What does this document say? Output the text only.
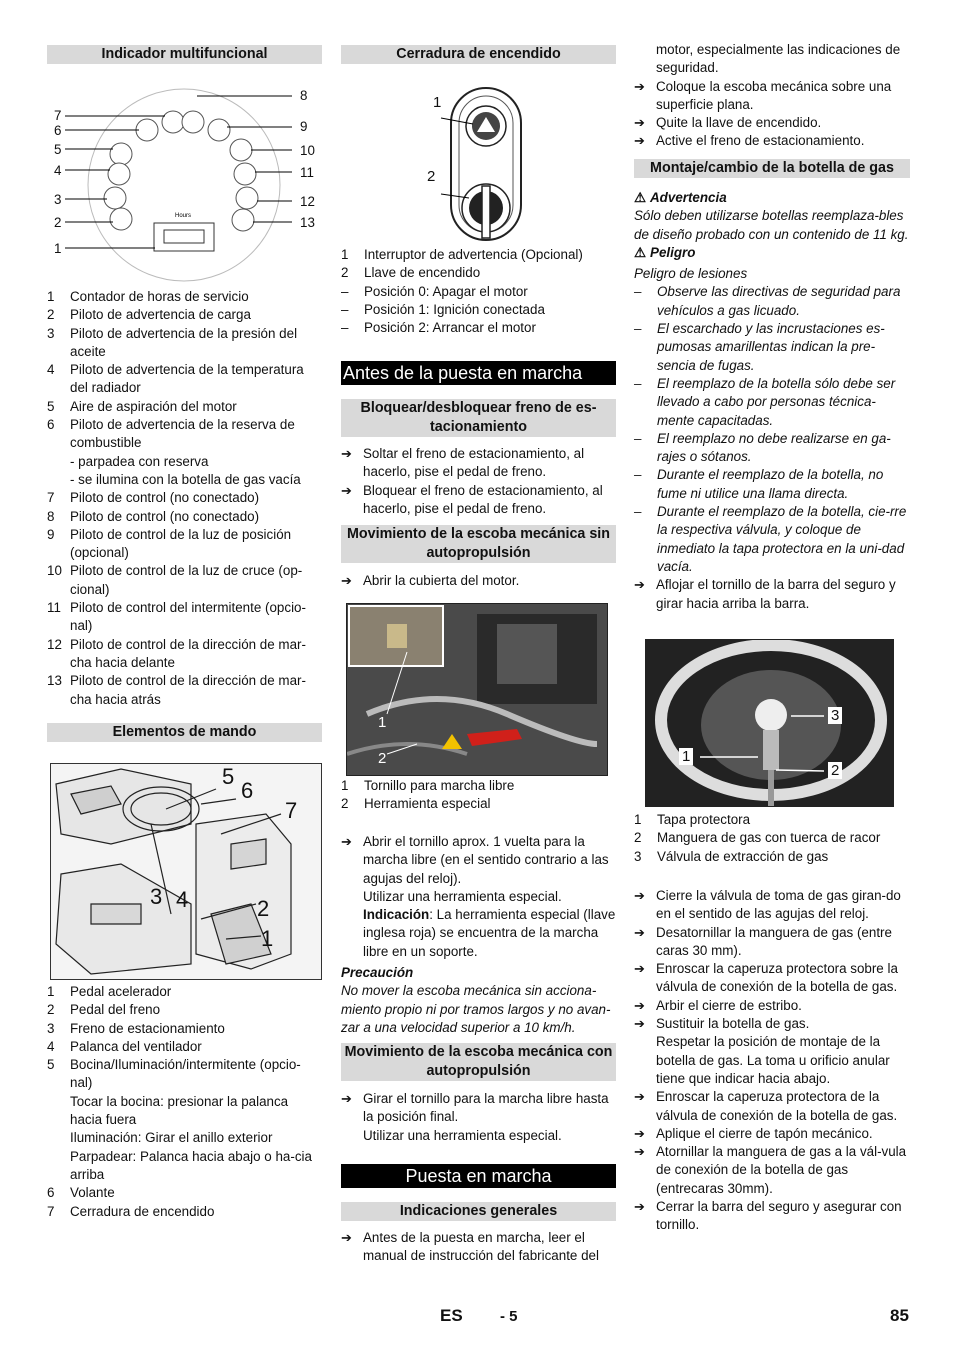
Indicador multifuncional
Hours
7
6
5
4
3
2
1
8
9
10
11
12
13
1 Contador de horas de servicio
2 Piloto de advertencia de carga
3 Piloto de advertencia de la presión del aceite
4 Piloto de advertencia de la temperatura del radiador
5 Aire de aspiración del motor
6 Piloto de advertencia de la reserva de combustible
- parpadea con reserva
- se ilumina con la botella de gas vacía
7 Piloto de control (no conectado)
8 Piloto de control (no conectado)
9 Piloto de control de la luz de posición (opcional)
10 Piloto de control de la luz de cruce (op-cional)
11 Piloto de control del intermitente (opcio-nal)
12 Piloto de control de la dirección de mar-cha hacia delante
13 Piloto de control de la dirección de mar-cha hacia atrás
Elementos de mando
5
6
7
3 4	2
1
1 Pedal acelerador
2 Pedal del freno
3 Freno de estacionamiento
4 Palanca del ventilador
5 Bocina/Iluminación/intermitente (opcio-nal)
Tocar la bocina: presionar la palanca hacia fuera
Iluminación: Girar el anillo exterior
Parpadear: Palanca hacia abajo o ha-cia arriba
6 Volante
7 Cerradura de encendido
Cerradura de encendido
1
2
1 Interruptor de advertencia (Opcional)
2 Llave de encendido
– Posición 0: Apagar el motor
– Posición 1: Ignición conectada
– Posición 2: Arrancar el motor
Antes de la puesta en marcha
Bloquear/desbloquear freno de es-tacionamiento
➔ Soltar el freno de estacionamiento, al hacerlo, pise el pedal de freno.
➔ Bloquear el freno de estacionamiento, al hacerlo, pise el pedal de freno.
Movimiento de la escoba mecánica sin autopropulsión
➔ Abrir la cubierta del motor.
1
2
1 Tornillo para marcha libre
2 Herramienta especial
➔ Abrir el tornillo aprox. 1 vuelta para la marcha libre (en el sentido contrario a las agujas del reloj).
Utilizar una herramienta especial.
Indicación: La herramienta especial (llave inglesa roja) se encuentra de la marcha libre en un soporte.
Precaución
No mover la escoba mecánica sin acciona-miento propio ni por tramos largos y no avan-zar a una velocidad superior a 10 km/h.
Movimiento de la escoba mecánica con autopropulsión
➔ Girar el tornillo para la marcha libre hasta la posición final.
Utilizar una herramienta especial.
Puesta en marcha
Indicaciones generales
➔ Antes de la puesta en marcha, leer el manual de instrucción del fabricante del
motor, especialmente las indicaciones de seguridad.
➔ Coloque la escoba mecánica sobre una superficie plana.
➔ Quite la llave de encendido.
➔ Active el freno de estacionamiento.
Montaje/cambio de la botella de gas
⚠ Advertencia
Sólo deben utilizarse botellas reemplaza-bles de diseño probado con un contenido de 11 kg.
⚠ Peligro
Peligro de lesiones
– Observe las directivas de seguridad para vehículos a gas licuado.
– El escarchado y las incrustaciones es-pumosas amarillentas indican la pre-sencia de fugas.
– El reemplazo de la botella sólo debe ser llevado a cabo por personas técnica-mente capacitadas.
– El reemplazo no debe realizarse en ga-rajes o sótanos.
– Durante el reemplazo de la botella, no fume ni utilice una llama directa.
– Durante el reemplazo de la botella, cie-rre la respectiva válvula, y coloque de inmediato la tapa protectora en la uni-dad vacía.
➔ Aflojar el tornillo de la barra del seguro y girar hacia arriba la barra.
3
1
2
1 Tapa protectora
2 Manguera de gas con tuerca de racor
3 Válvula de extracción de gas
➔ Cierre la válvula de toma de gas giran-do en el sentido de las agujas del reloj.
➔ Desatornillar la manguera de gas (entre caras 30 mm).
➔ Enroscar la caperuza protectora sobre la válvula de conexión de la botella de gas.
➔ Arbir el cierre de estribo.
➔ Sustituir la botella de gas.
Respetar la posición de montaje de la botella de gas. La toma u orificio anular tiene que indicar hacia abajo.
➔ Enroscar la caperuza protectora de la válvula de conexión de la botella de gas.
➔ Aplique el cierre de tapón mecánico.
➔ Atornillar la manguera de gas a la vál-vula de conexión de la botella de gas (entrecaras 30mm).
➔ Cerrar la barra del seguro y asegurar con tornillo.
ES - 5	85
